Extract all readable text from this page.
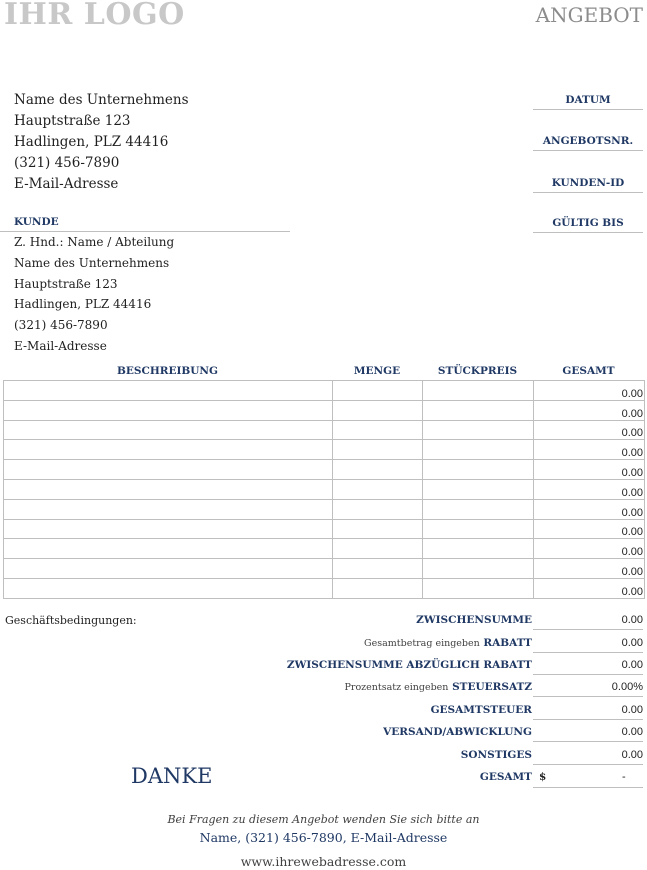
IHR LOGO	ANGEBOT
Name des Unternehmens
Hauptstraße 123
Hadlingen, PLZ 44416
(321) 456-7890
E-Mail-Adresse
DATUM
ANGEBOTSNR.
KUNDEN-ID
GÜLTIG BIS
KUNDE
Z. Hnd.: Name / Abteilung
Name des Unternehmens
Hauptstraße 123
Hadlingen, PLZ 44416
(321) 456-7890
E-Mail-Adresse
BESCHREIBUNG	MENGE	STÜCKPREIS	GESAMT
			0.00
			0.00
			0.00
			0.00
			0.00
			0.00
			0.00
			0.00
			0.00
			0.00
			0.00
Geschäftsbedingungen:	ZWISCHENSUMME	0.00
Gesamtbetrag eingeben RABATT	0.00
ZWISCHENSUMME ABZÜGLICH RABATT	0.00
Prozentsatz eingeben STEUERSATZ	0.00%
GESAMTSTEUER	0.00
VERSAND/ABWICKLUNG	0.00
SONSTIGES	0.00
GESAMT $	-
DANKE
Bei Fragen zu diesem Angebot wenden Sie sich bitte an
Name, (321) 456-7890, E-Mail-Adresse
www.ihrewebadresse.com
